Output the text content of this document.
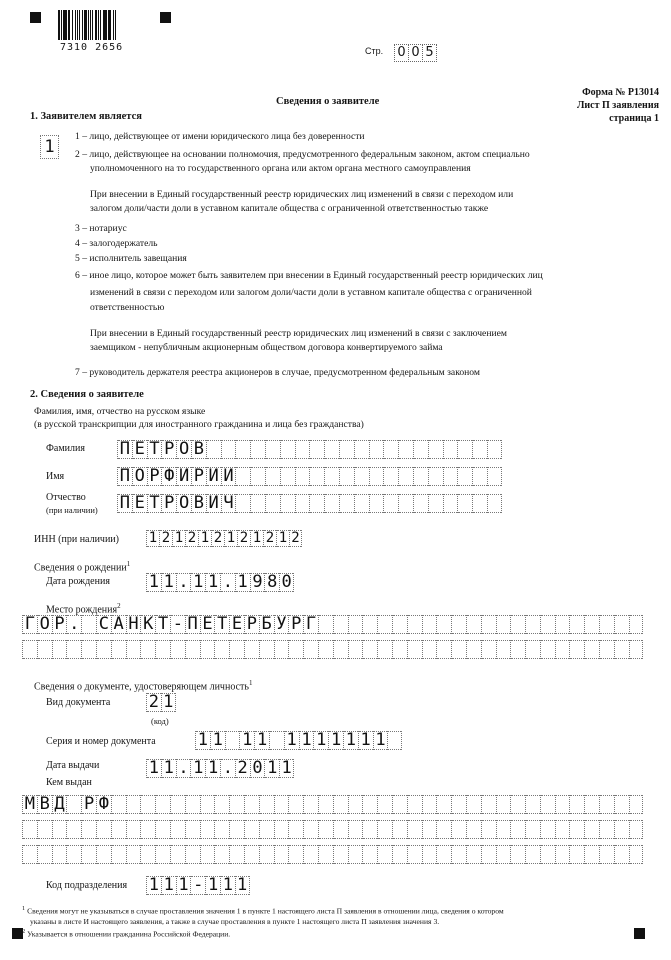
7310 2656	Стр. 0 0 5
Форма № Р13014
Лист П заявления
страница 1
Сведения о заявителе
1. Заявителем является
1
1 – лицо, действующее от имени юридического лица без доверенности
2 – лицо, действующее на основании полномочия, предусмотренного федеральным законом, актом специально
уполномоченного на то государственного органа или актом органа местного самоуправления
При внесении в Единый государственный реестр юридических лиц изменений в связи с переходом или
залогом доли/части доли в уставном капитале общества с ограниченной ответственностью также
3 – нотариус
4 – залогодержатель
5 – исполнитель завещания
6 – иное лицо, которое может быть заявителем при внесении в Единый государственный реестр юридических лиц
изменений в связи с переходом или залогом доли/части доли в уставном капитале общества с ограниченной
ответственностью
При внесении в Единый государственный реестр юридических лиц изменений в связи с заключением
заемщиком - непубличным акционерным обществом договора конвертируемого займа
7 – руководитель держателя реестра акционеров в случае, предусмотренном федеральным законом
2. Сведения о заявителе
Фамилия, имя, отчество на русском языке
(в русской транскрипции для иностранного гражданина и лица без гражданства)
Фамилия П Е Т Р О В
Имя	П О Р Ф И Р И И
Отчество
(при наличии) П Е Т Р О В И Ч
ИНН (при наличии) 1 2 1 2 1 2 1 2 1 2 1 2
Сведения о рождении$^1$
Дата рождения 1 1 . 1 1 . 1 9 8 0
Место рождения$^2$
Г О Р . С А Н К Т - П Е Т Е Р Б У Р Г
Сведения о документе, удостоверяющем личность$^1$
Вид документа 2 1
(код)
Серия и номер документа 1 1 1 1 1 1 1 1 1 1 1
Дата выдачи	1 1 . 1 1 . 2 0 1 1
Кем выдан
М В Д Р Ф
Код подразделения 1 1 1 - 1 1 1
$^1$ Сведения могут не указываться в случае проставления значения 1 в пункте 1 настоящего листа П заявления в отношении лица, сведения о котором
указаны в листе И настоящего заявления, а также в случае проставления в пункте 1 настоящего листа П заявления значения 3.
$^2$ Указывается в отношении гражданина Российской Федерации.
